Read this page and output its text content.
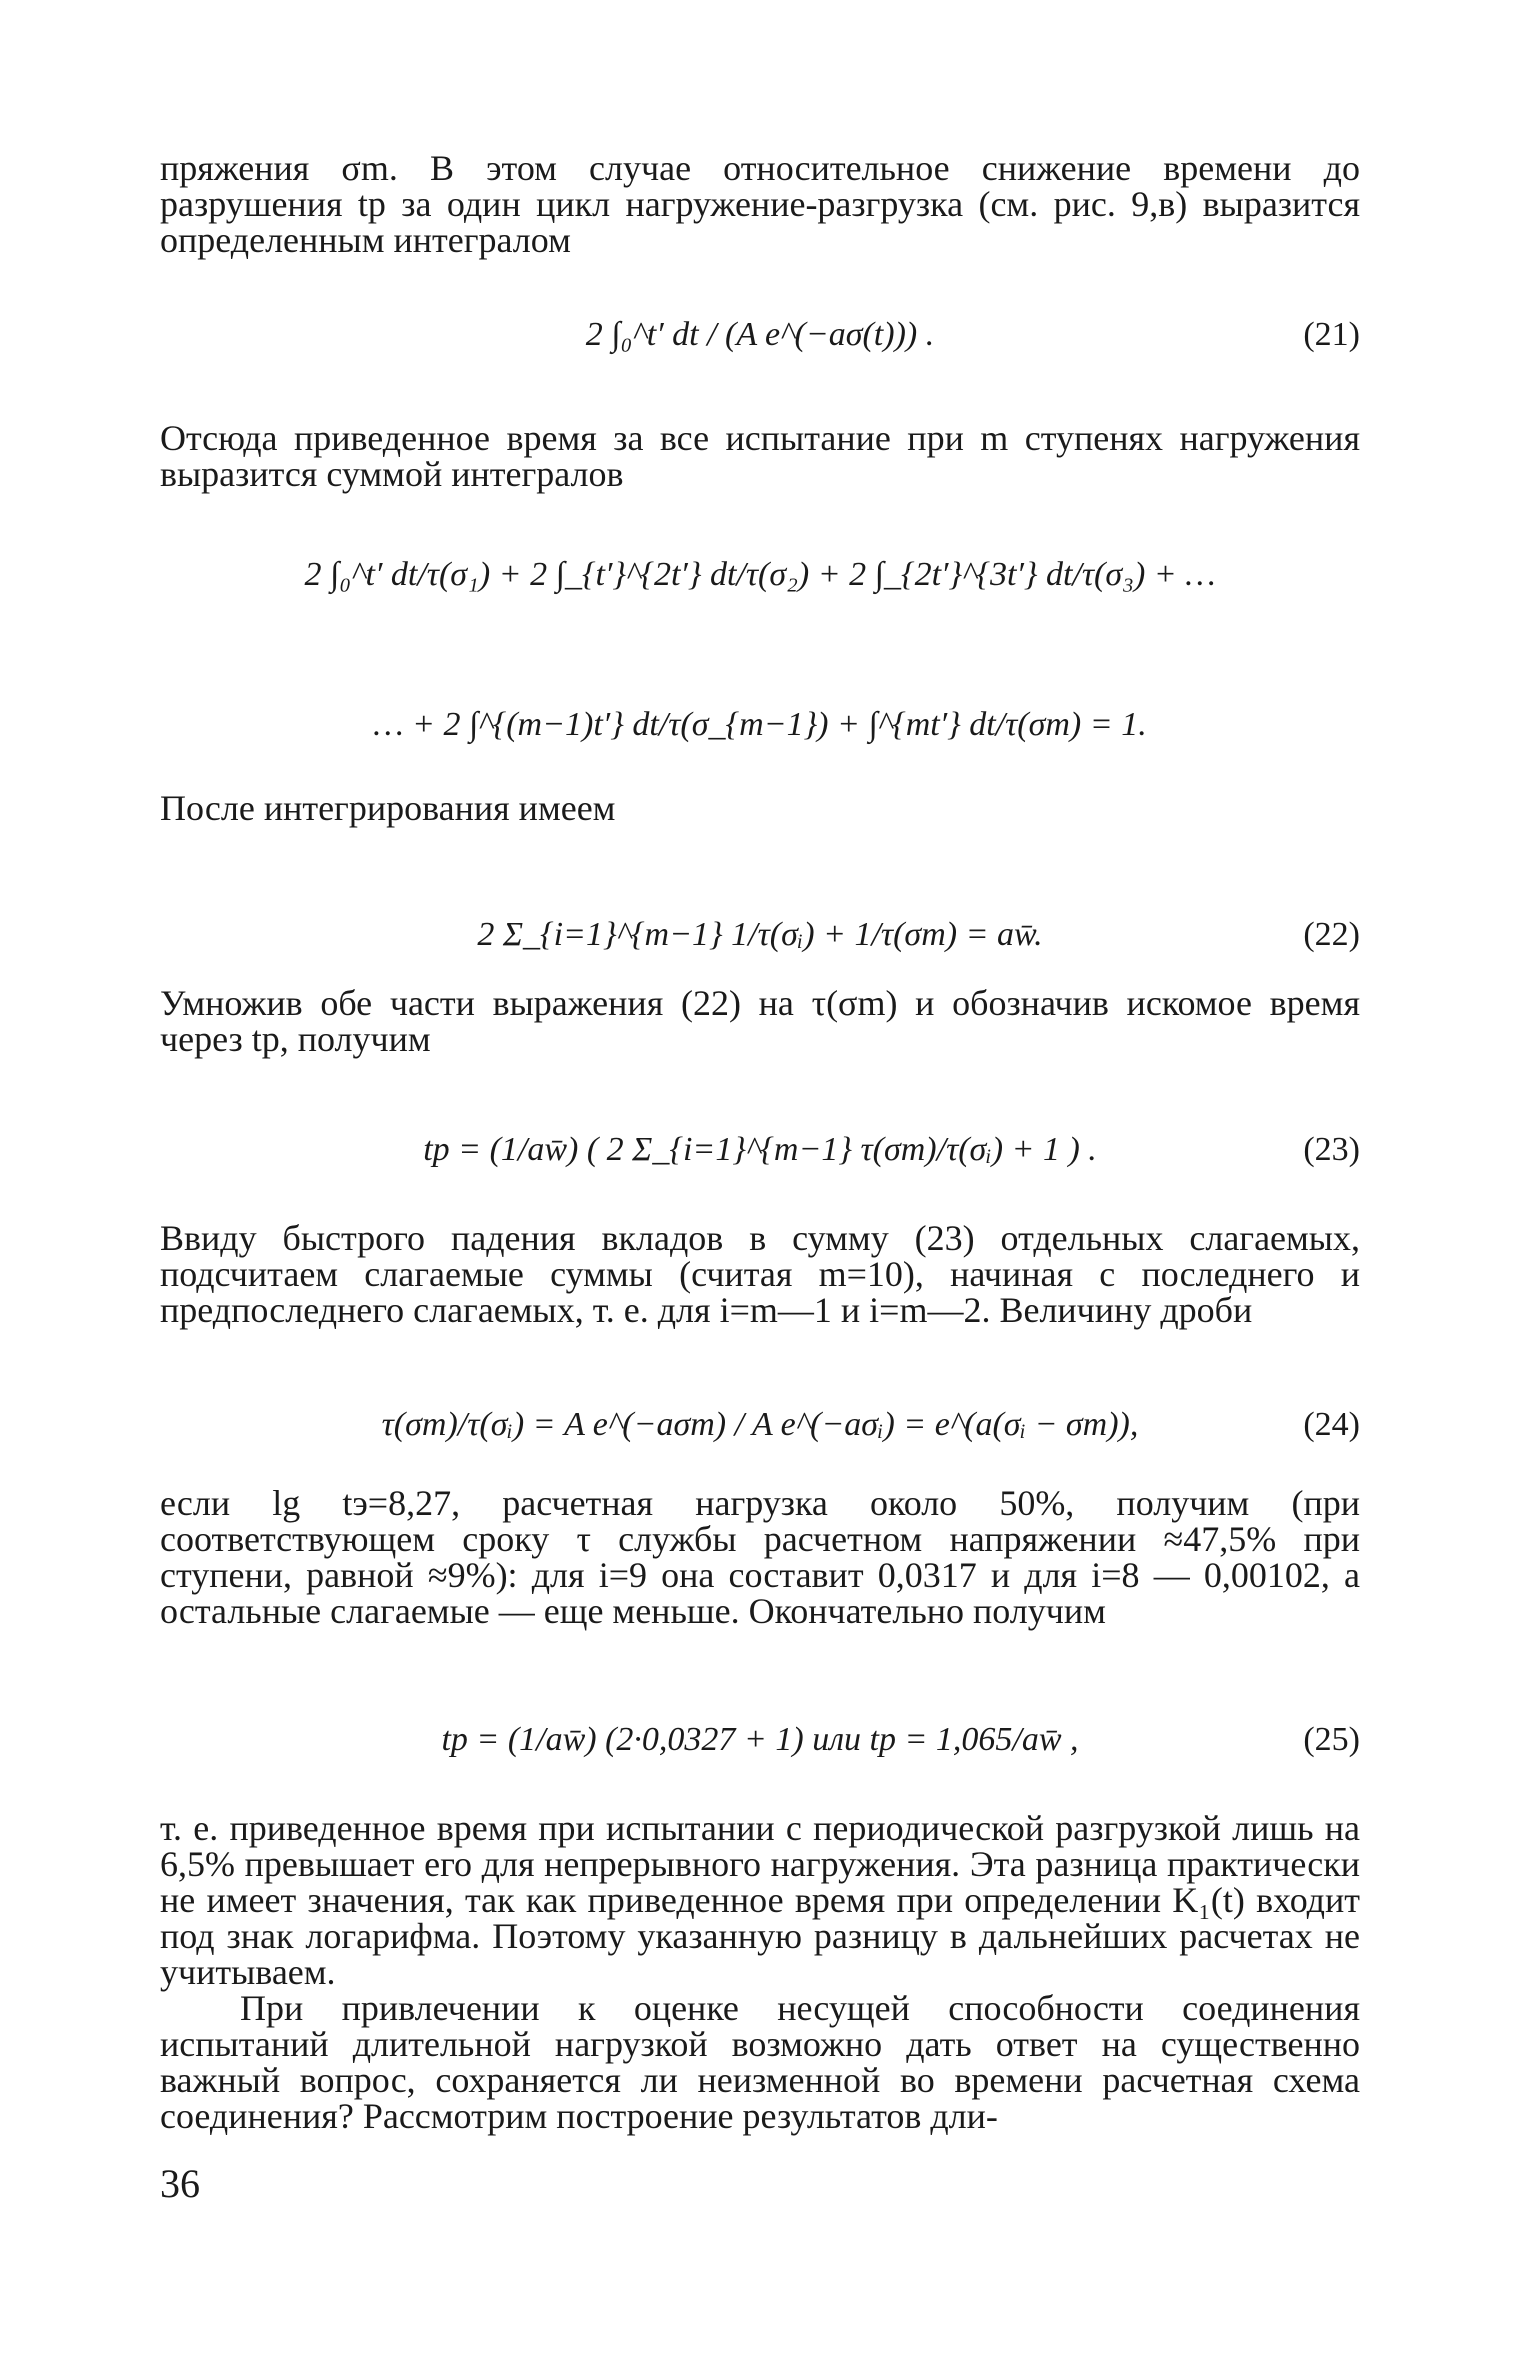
пряжения σm. В этом случае относительное снижение времени до разрушения tр за один цикл нагружение-разгрузка (см. рис. 9,в) выразится определенным интегралом
2 ∫₀^t′ dt / (A e^(−aσ(t))) .	(21)
Отсюда приведенное время за все испытание при m ступенях нагружения выразится суммой интегралов
2 ∫₀^t′ dt/τ(σ₁) + 2 ∫_{t′}^{2t′} dt/τ(σ₂) + 2 ∫_{2t′}^{3t′} dt/τ(σ₃) + …
… + 2 ∫^{(m−1)t′} dt/τ(σ_{m−1}) + ∫^{mt′} dt/τ(σm) = 1.
После интегрирования имеем
2 Σ_{i=1}^{m−1} 1/τ(σᵢ) + 1/τ(σm) = aw̄.	(22)
Умножив обе части выражения (22) на τ(σm) и обозначив искомое время через tр, получим
tр = (1/aw̄) ( 2 Σ_{i=1}^{m−1} τ(σm)/τ(σᵢ) + 1 ) .	(23)
Ввиду быстрого падения вкладов в сумму (23) отдельных слагаемых, подсчитаем слагаемые суммы (считая m=10), начиная с последнего и предпоследнего слагаемых, т. е. для i=m—1 и i=m—2. Величину дроби
τ(σm)/τ(σᵢ) = A e^(−aσm) / A e^(−aσᵢ) = e^(a(σᵢ − σm)),	(24)
если lg tэ=8,27, расчетная нагрузка около 50%, получим (при соответствующем сроку τ службы расчетном напряжении ≈47,5% при ступени, равной ≈9%): для i=9 она составит 0,0317 и для i=8 — 0,00102, а остальные слагаемые — еще меньше. Окончательно получим
tр = (1/aw̄) (2·0,0327 + 1) или tр = 1,065/aw̄ ,	(25)
т. е. приведенное время при испытании с периодической разгрузкой лишь на 6,5% превышает его для непрерывного нагружения. Эта разница практически не имеет значения, так как приведенное время при определении K₁(t) входит под знак логарифма. Поэтому указанную разницу в дальнейших расчетах не учитываем.
При привлечении к оценке несущей способности соединения испытаний длительной нагрузкой возможно дать ответ на существенно важный вопрос, сохраняется ли неизменной во времени расчетная схема соединения? Рассмотрим построение результатов дли-
36
